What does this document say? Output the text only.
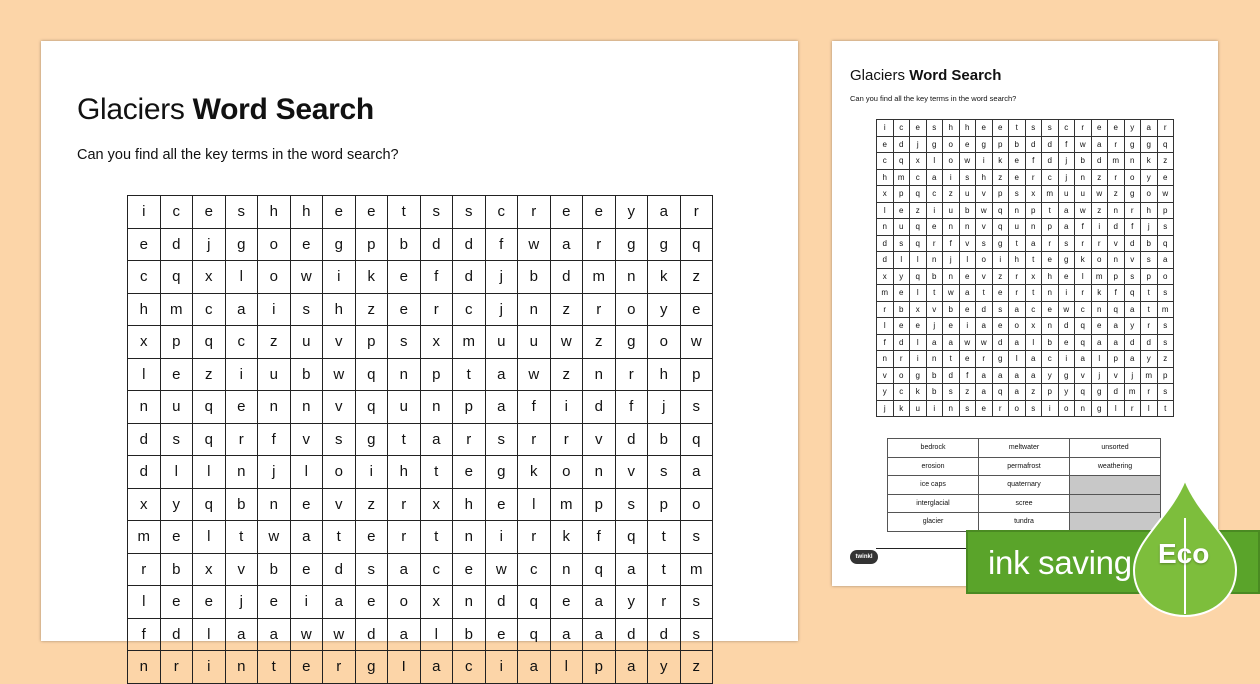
Glaciers Word Search

Can you find all the key terms in the word search?

i	c	e	s	h	h	e	e	t	s	s	c	r	e	e	y	a	r
e	d	j	g	o	e	g	p	b	d	d	f	w	a	r	g	g	q
c	q	x	l	o	w	i	k	e	f	d	j	b	d	m	n	k	z
h	m	c	a	i	s	h	z	e	r	c	j	n	z	r	o	y	e
x	p	q	c	z	u	v	p	s	x	m	u	u	w	z	g	o	w
l	e	z	i	u	b	w	q	n	p	t	a	w	z	n	r	h	p
n	u	q	e	n	n	v	q	u	n	p	a	f	i	d	f	j	s
d	s	q	r	f	v	s	g	t	a	r	s	r	r	v	d	b	q
d	l	l	n	j	l	o	i	h	t	e	g	k	o	n	v	s	a
x	y	q	b	n	e	v	z	r	x	h	e	l	m	p	s	p	o
m	e	l	t	w	a	t	e	r	t	n	i	r	k	f	q	t	s
r	b	x	v	b	e	d	s	a	c	e	w	c	n	q	a	t	m
l	e	e	j	e	i	a	e	o	x	n	d	q	e	a	y	r	s
f	d	l	a	a	w	w	d	a	l	b	e	q	a	a	d	d	s
n	r	i	n	t	e	r	g	I	a	c	i	a	l	p	a	y	z
Glaciers Word Search

Can you find all the key terms in the word search?

i	c	e	s	h	h	e	e	t	s	s	c	r	e	e	y	a	r
e	d	j	g	o	e	g	p	b	d	d	f	w	a	r	g	g	q
c	q	x	l	o	w	i	k	e	f	d	j	b	d	m	n	k	z
h	m	c	a	i	s	h	z	e	r	c	j	n	z	r	o	y	e
x	p	q	c	z	u	v	p	s	x	m	u	u	w	z	g	o	w
l	e	z	i	u	b	w	q	n	p	t	a	w	z	n	r	h	p
n	u	q	e	n	n	v	q	u	n	p	a	f	i	d	f	j	s
d	s	q	r	f	v	s	g	t	a	r	s	r	r	v	d	b	q
d	l	l	n	j	l	o	i	h	t	e	g	k	o	n	v	s	a
x	y	q	b	n	e	v	z	r	x	h	e	l	m	p	s	p	o
m	e	l	t	w	a	t	e	r	t	n	i	r	k	f	q	t	s
r	b	x	v	b	e	d	s	a	c	e	w	c	n	q	a	t	m
l	e	e	j	e	i	a	e	o	x	n	d	q	e	a	y	r	s
f	d	l	a	a	w	w	d	a	l	b	e	q	a	a	d	d	s
n	r	i	n	t	e	r	g	I	a	c	i	a	l	p	a	y	z
v	o	g	b	d	f	a	a	a	a	y	g	v	j	v	j	m	p
y	c	k	b	s	z	a	q	a	z	p	y	q	g	d	m	r	s
j	k	u	i	n	s	e	r	o	s	i	o	n	g	l	r	l	t
bedrock	meltwater	unsorted
erosion	permafrost	weathering
ice caps	quaternary	
interglacial	scree	
glacier	tundra	
twinkl	ink saving Eco
